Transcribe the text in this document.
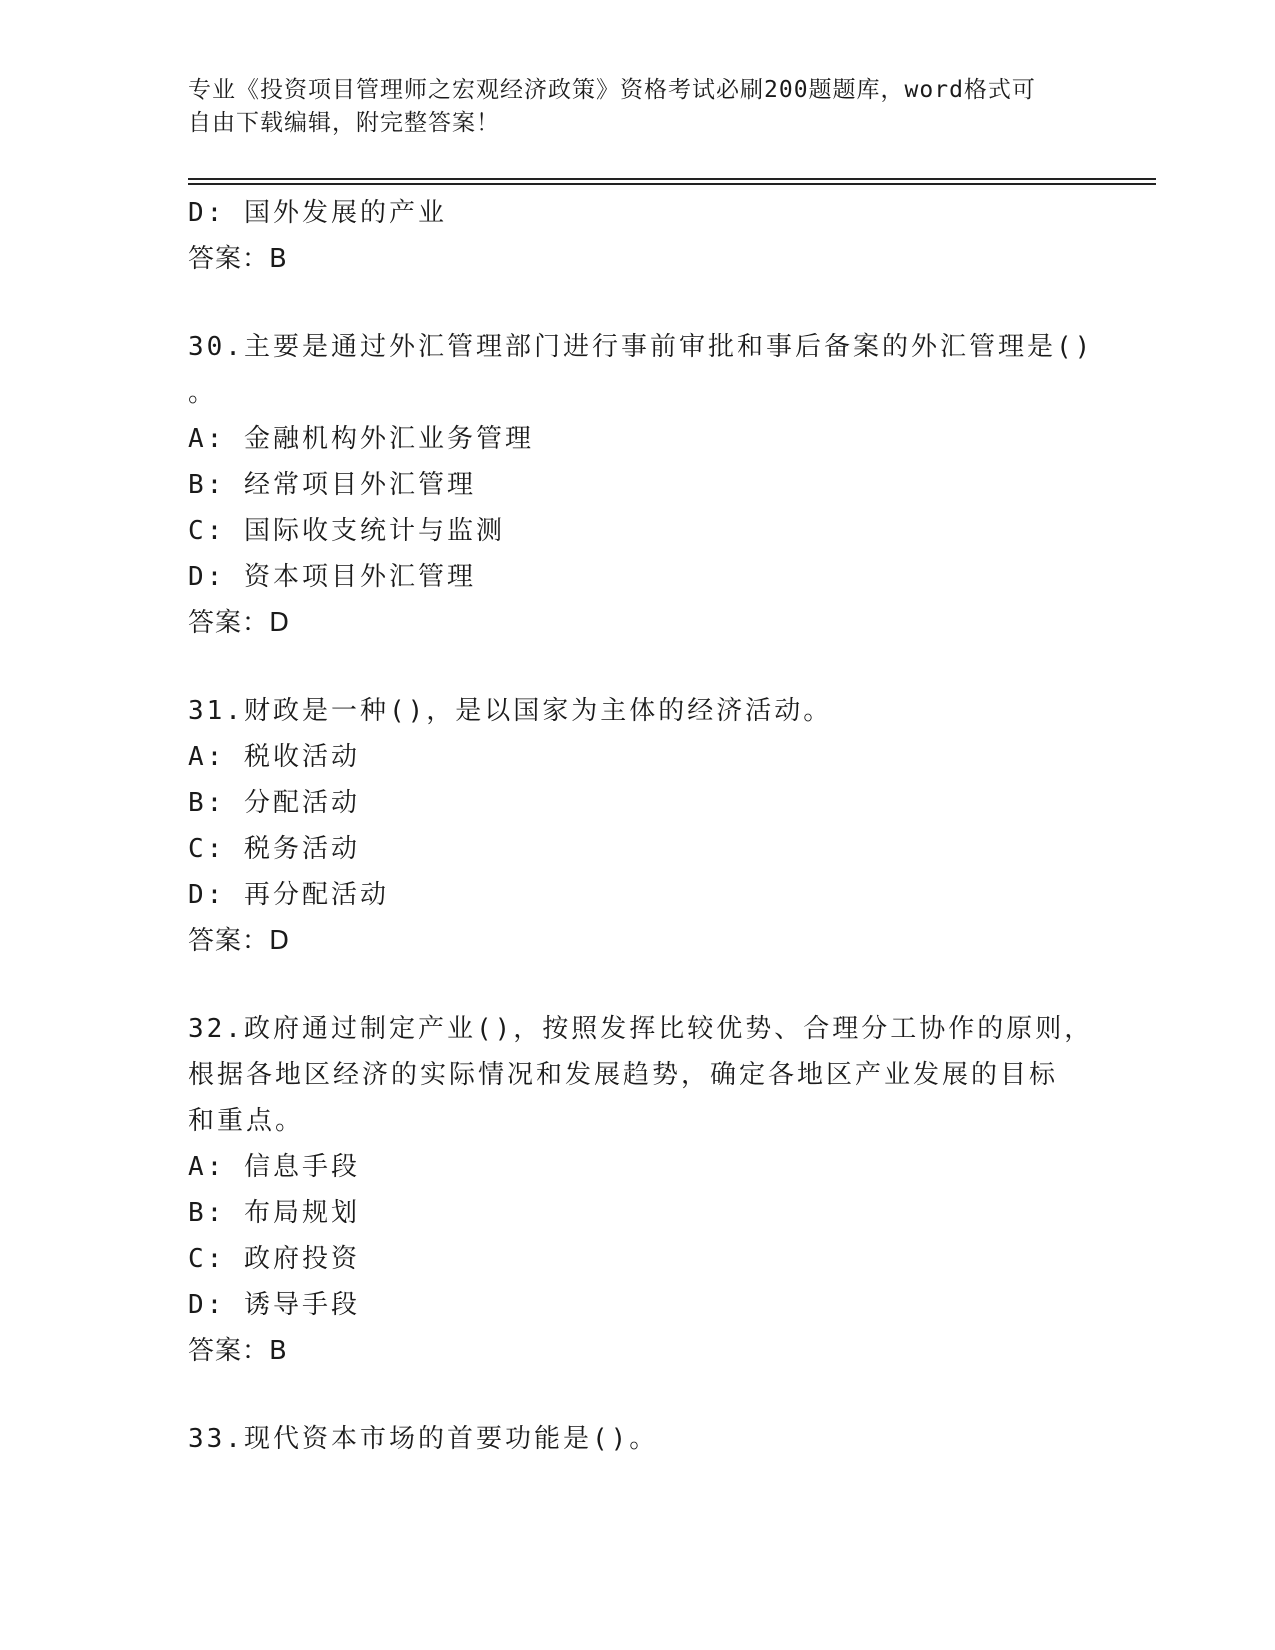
专业《投资项目管理师之宏观经济政策》资格考试必刷200题题库，word格式可
自由下载编辑，附完整答案！
D: 国外发展的产业
答案：B
30.主要是通过外汇管理部门进行事前审批和事后备案的外汇管理是()
。
A: 金融机构外汇业务管理
B: 经常项目外汇管理
C: 国际收支统计与监测
D: 资本项目外汇管理
答案：D
31.财政是一种()，是以国家为主体的经济活动。
A: 税收活动
B: 分配活动
C: 税务活动
D: 再分配活动
答案：D
32.政府通过制定产业()，按照发挥比较优势、合理分工协作的原则，
根据各地区经济的实际情况和发展趋势，确定各地区产业发展的目标
和重点。
A: 信息手段
B: 布局规划
C: 政府投资
D: 诱导手段
答案：B
33.现代资本市场的首要功能是()。
